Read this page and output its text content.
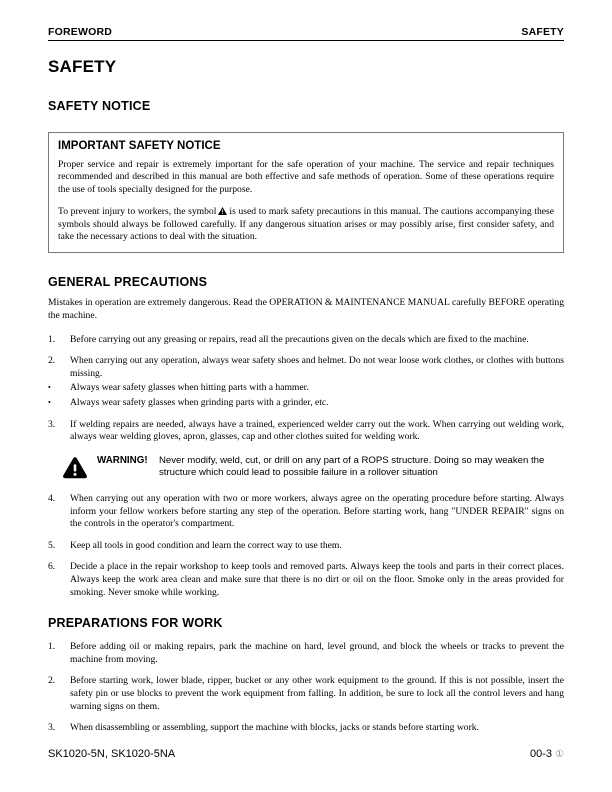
FOREWORD	SAFETY
SAFETY
SAFETY NOTICE
IMPORTANT SAFETY NOTICE

Proper service and repair is extremely important for the safe operation of your machine. The service and repair techniques recommended and described in this manual are both effective and safe methods of operation. Some of these operations require the use of tools specially designed for the purpose.

To prevent injury to workers, the symbol is used to mark safety precautions in this manual. The cautions accompanying these symbols should always be followed carefully. If any dangerous situation arises or may possibly arise, first consider safety, and take the necessary actions to deal with the situation.

GENERAL PRECAUTIONS

Mistakes in operation are extremely dangerous. Read the OPERATION & MAINTENANCE MANUAL carefully BEFORE operating the machine.

1.	Before carrying out any greasing or repairs, read all the precautions given on the decals which are fixed to the machine.
2.	When carrying out any operation, always wear safety shoes and helmet. Do not wear loose work clothes, or clothes with buttons missing.
•	Always wear safety glasses when hitting parts with a hammer.
•	Always wear safety glasses when grinding parts with a grinder, etc.
3.	If welding repairs are needed, always have a trained, experienced welder carry out the work. When carrying out welding work, always wear welding gloves, apron, glasses, cap and other clothes suited for welding work.
WARNING!	Never modify, weld, cut, or drill on any part of a ROPS structure. Doing so may weaken the structure which could lead to possible failure in a rollover situation
4.	When carrying out any operation with two or more workers, always agree on the operating procedure before starting. Always inform your fellow workers before starting any step of the operation. Before starting work, hang "UNDER REPAIR" signs on the controls in the operator's compartment.
5.	Keep all tools in good condition and learn the correct way to use them.
6.	Decide a place in the repair workshop to keep tools and removed parts. Always keep the tools and parts in their correct places. Always keep the work area clean and make sure that there is no dirt or oil on the floor. Smoke only in the areas provided for smoking. Never smoke while working.
PREPARATIONS FOR WORK
1.	Before adding oil or making repairs, park the machine on hard, level ground, and block the wheels or tracks to prevent the machine from moving.
2.	Before starting work, lower blade, ripper, bucket or any other work equipment to the ground. If this is not possible, insert the safety pin or use blocks to prevent the work equipment from falling. In addition, be sure to lock all the control levers and hang warning signs on them.
3.	When disassembling or assembling, support the machine with blocks, jacks or stands before starting work.
SK1020-5N, SK1020-5NA	00-3 ①
